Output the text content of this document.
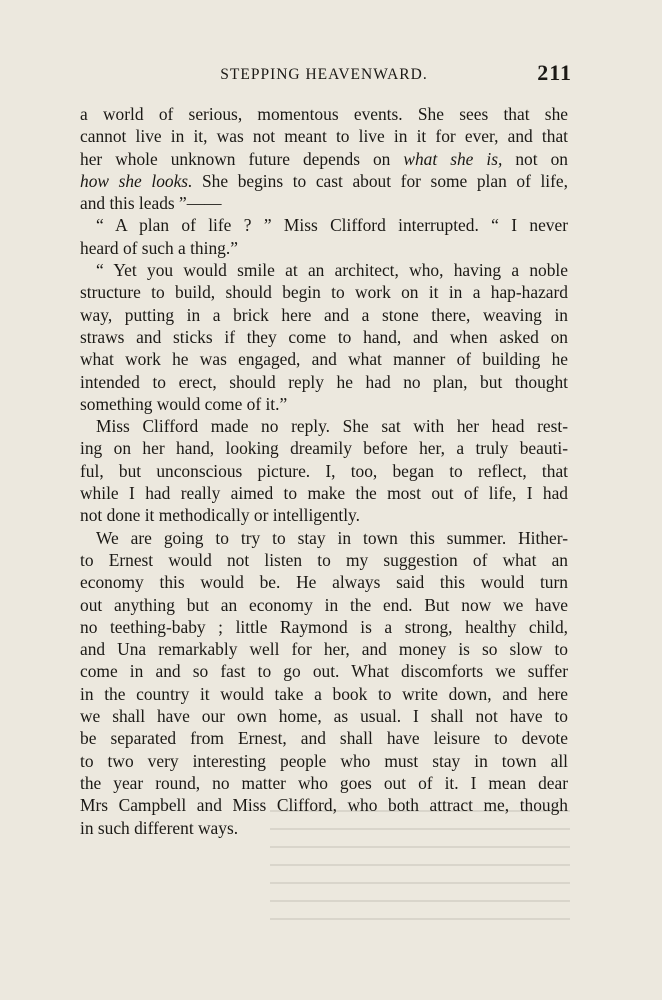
STEPPING HEAVENWARD.	211
a world of serious, momentous events. She sees that she
cannot live in it, was not meant to live in it for ever, and that
her whole unknown future depends on what she is, not on
how she looks. She begins to cast about for some plan of life,
and this leads ”——
“ A plan of life ? ” Miss Clifford interrupted. “ I never
heard of such a thing.”
“ Yet you would smile at an architect, who, having a noble
structure to build, should begin to work on it in a hap-hazard
way, putting in a brick here and a stone there, weaving in
straws and sticks if they come to hand, and when asked on
what work he was engaged, and what manner of building he
intended to erect, should reply he had no plan, but thought
something would come of it.”
Miss Clifford made no reply. She sat with her head rest-
ing on her hand, looking dreamily before her, a truly beauti-
ful, but unconscious picture. I, too, began to reflect, that
while I had really aimed to make the most out of life, I had
not done it methodically or intelligently.
We are going to try to stay in town this summer. Hither-
to Ernest would not listen to my suggestion of what an
economy this would be. He always said this would turn
out anything but an economy in the end. But now we have
no teething-baby ; little Raymond is a strong, healthy child,
and Una remarkably well for her, and money is so slow to
come in and so fast to go out. What discomforts we suffer
in the country it would take a book to write down, and here
we shall have our own home, as usual. I shall not have to
be separated from Ernest, and shall have leisure to devote
to two very interesting people who must stay in town all
the year round, no matter who goes out of it. I mean dear
Mrs Campbell and Miss Clifford, who both attract me, though
in such different ways.
